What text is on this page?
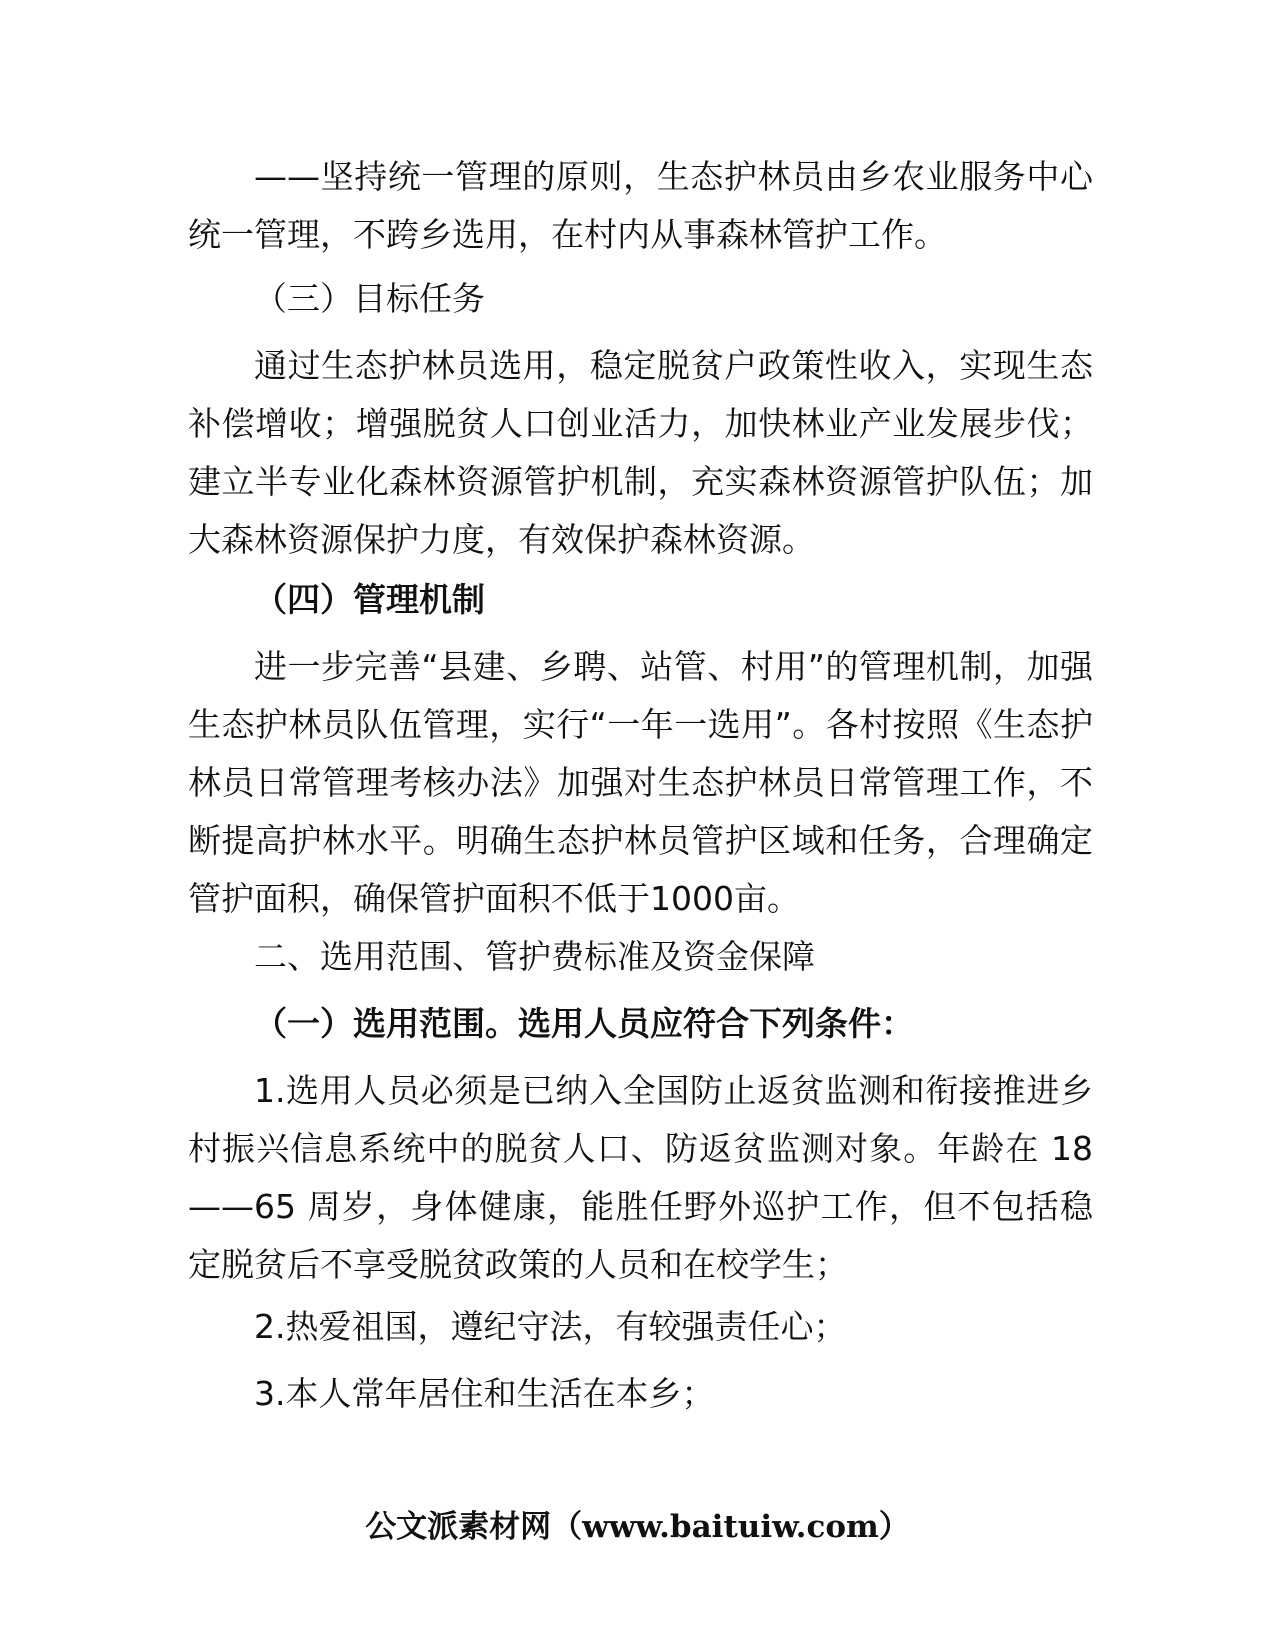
——坚持统一管理的原则，生态护林员由乡农业服务中心统一管理，不跨乡选用，在村内从事森林管护工作。

（三）目标任务

通过生态护林员选用，稳定脱贫户政策性收入，实现生态补偿增收；增强脱贫人口创业活力，加快林业产业发展步伐；建立半专业化森林资源管护机制，充实森林资源管护队伍；加大森林资源保护力度，有效保护森林资源。

（四）管理机制

进一步完善“县建、乡聘、站管、村用”的管理机制，加强生态护林员队伍管理，实行“一年一选用”。各村按照《生态护林员日常管理考核办法》加强对生态护林员日常管理工作，不断提高护林水平。明确生态护林员管护区域和任务，合理确定管护面积，确保管护面积不低于1000亩。

二、选用范围、管护费标准及资金保障

（一）选用范围。选用人员应符合下列条件：

1.选用人员必须是已纳入全国防止返贫监测和衔接推进乡村振兴信息系统中的脱贫人口、防返贫监测对象。年龄在 18——65 周岁，身体健康，能胜任野外巡护工作，但不包括稳定脱贫后不享受脱贫政策的人员和在校学生；

2.热爱祖国，遵纪守法，有较强责任心；

3.本人常年居住和生活在本乡；

公文派素材网（www.baituiw.com）
